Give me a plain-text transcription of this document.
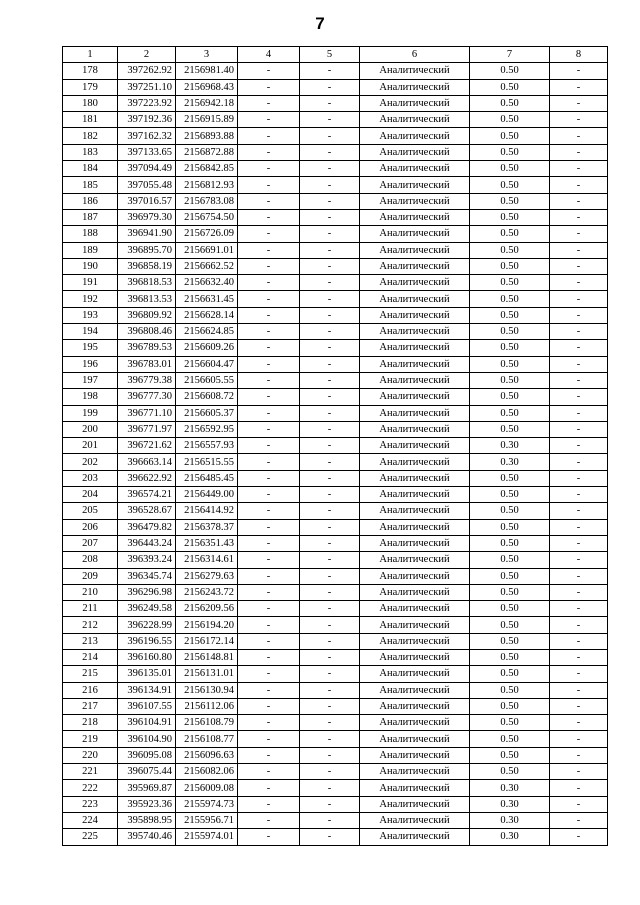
7
1	2	3	4	5	6	7	8
178	397262.92	2156981.40	-	-	Аналитический	0.50	-
179	397251.10	2156968.43	-	-	Аналитический	0.50	-
180	397223.92	2156942.18	-	-	Аналитический	0.50	-
181	397192.36	2156915.89	-	-	Аналитический	0.50	-
182	397162.32	2156893.88	-	-	Аналитический	0.50	-
183	397133.65	2156872.88	-	-	Аналитический	0.50	-
184	397094.49	2156842.85	-	-	Аналитический	0.50	-
185	397055.48	2156812.93	-	-	Аналитический	0.50	-
186	397016.57	2156783.08	-	-	Аналитический	0.50	-
187	396979.30	2156754.50	-	-	Аналитический	0.50	-
188	396941.90	2156726.09	-	-	Аналитический	0.50	-
189	396895.70	2156691.01	-	-	Аналитический	0.50	-
190	396858.19	2156662.52	-	-	Аналитический	0.50	-
191	396818.53	2156632.40	-	-	Аналитический	0.50	-
192	396813.53	2156631.45	-	-	Аналитический	0.50	-
193	396809.92	2156628.14	-	-	Аналитический	0.50	-
194	396808.46	2156624.85	-	-	Аналитический	0.50	-
195	396789.53	2156609.26	-	-	Аналитический	0.50	-
196	396783.01	2156604.47	-	-	Аналитический	0.50	-
197	396779.38	2156605.55	-	-	Аналитический	0.50	-
198	396777.30	2156608.72	-	-	Аналитический	0.50	-
199	396771.10	2156605.37	-	-	Аналитический	0.50	-
200	396771.97	2156592.95	-	-	Аналитический	0.50	-
201	396721.62	2156557.93	-	-	Аналитический	0.30	-
202	396663.14	2156515.55	-	-	Аналитический	0.30	-
203	396622.92	2156485.45	-	-	Аналитический	0.50	-
204	396574.21	2156449.00	-	-	Аналитический	0.50	-
205	396528.67	2156414.92	-	-	Аналитический	0.50	-
206	396479.82	2156378.37	-	-	Аналитический	0.50	-
207	396443.24	2156351.43	-	-	Аналитический	0.50	-
208	396393.24	2156314.61	-	-	Аналитический	0.50	-
209	396345.74	2156279.63	-	-	Аналитический	0.50	-
210	396296.98	2156243.72	-	-	Аналитический	0.50	-
211	396249.58	2156209.56	-	-	Аналитический	0.50	-
212	396228.99	2156194.20	-	-	Аналитический	0.50	-
213	396196.55	2156172.14	-	-	Аналитический	0.50	-
214	396160.80	2156148.81	-	-	Аналитический	0.50	-
215	396135.01	2156131.01	-	-	Аналитический	0.50	-
216	396134.91	2156130.94	-	-	Аналитический	0.50	-
217	396107.55	2156112.06	-	-	Аналитический	0.50	-
218	396104.91	2156108.79	-	-	Аналитический	0.50	-
219	396104.90	2156108.77	-	-	Аналитический	0.50	-
220	396095.08	2156096.63	-	-	Аналитический	0.50	-
221	396075.44	2156082.06	-	-	Аналитический	0.50	-
222	395969.87	2156009.08	-	-	Аналитический	0.30	-
223	395923.36	2155974.73	-	-	Аналитический	0.30	-
224	395898.95	2155956.71	-	-	Аналитический	0.30	-
225	395740.46	2155974.01	-	-	Аналитический	0.30	-
